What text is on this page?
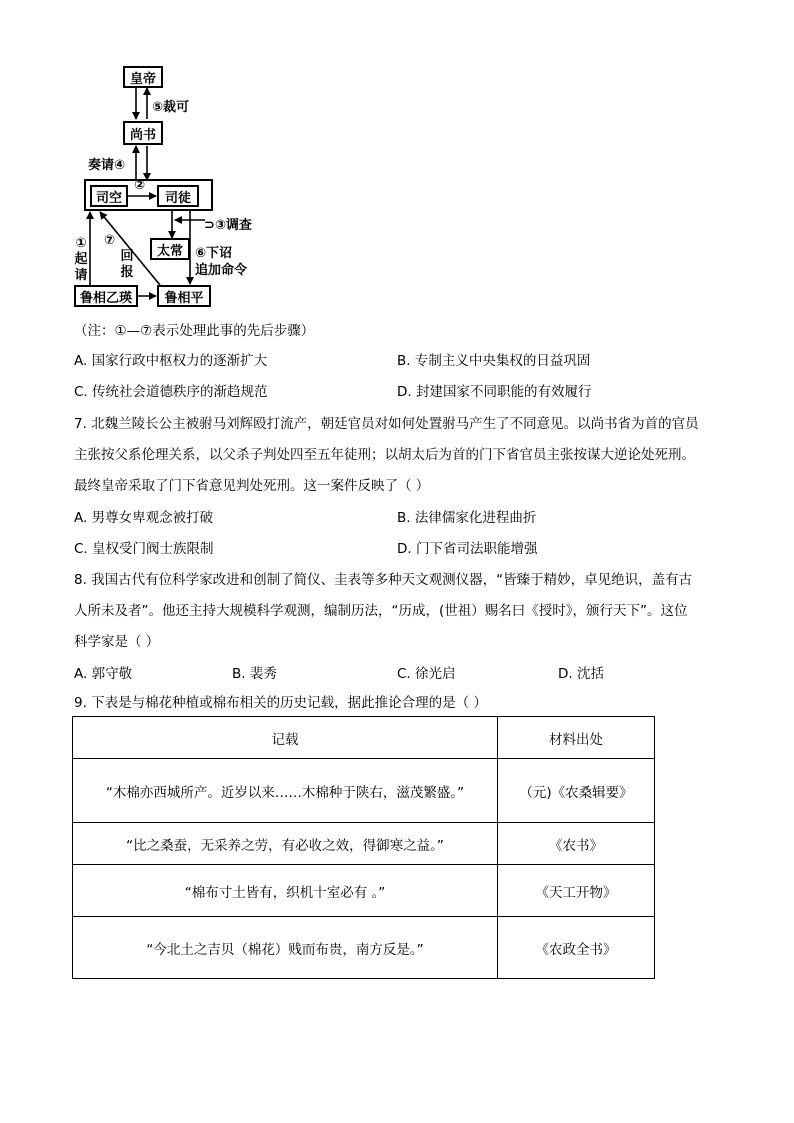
皇帝
⑤裁可
尚书
奏请④
司空
②
司徒
⊃③调查
太常
①起请
⑦
回报
⑥下诏
追加命令
鲁相乙瑛	鲁相平
（注：①—⑦表示处理此事的先后步骤）
A. 国家行政中枢权力的逐渐扩大	B. 专制主义中央集权的日益巩固
C. 传统社会道德秩序的渐趋规范	D. 封建国家不同职能的有效履行
7. 北魏兰陵长公主被驸马刘辉殴打流产，朝廷官员对如何处置驸马产生了不同意见。以尚书省为首的官员
主张按父系伦理关系，以父杀子判处四至五年徒刑；以胡太后为首的门下省官员主张按谋大逆论处死刑。
最终皇帝采取了门下省意见判处死刑。这一案件反映了（ ）
A. 男尊女卑观念被打破	B. 法律儒家化进程曲折
C. 皇权受门阀士族限制	D. 门下省司法职能增强
8. 我国古代有位科学家改进和创制了简仪、圭表等多种天文观测仪器，“皆臻于精妙，卓见绝识，盖有古
人所未及者”。他还主持大规模科学观测，编制历法，“历成，(世祖）赐名曰《授时》，颁行天下”。这位
科学家是（ ）
A. 郭守敬	B. 裴秀	C. 徐光启	D. 沈括
9. 下表是与棉花种植或棉布相关的历史记载，据此推论合理的是（ ）
记载	材料出处
“木棉亦西城所产。近岁以来……木棉种于陕右，滋茂繁盛。”	（元)《农桑辑要》
“比之桑蚕，无采养之劳，有必收之效，得御寒之益。”	《农书》
“棉布寸土皆有，织机十室必有 。”	《天工开物》
“今北土之吉贝（棉花）贱而布贵，南方反是。”	《农政全书》
